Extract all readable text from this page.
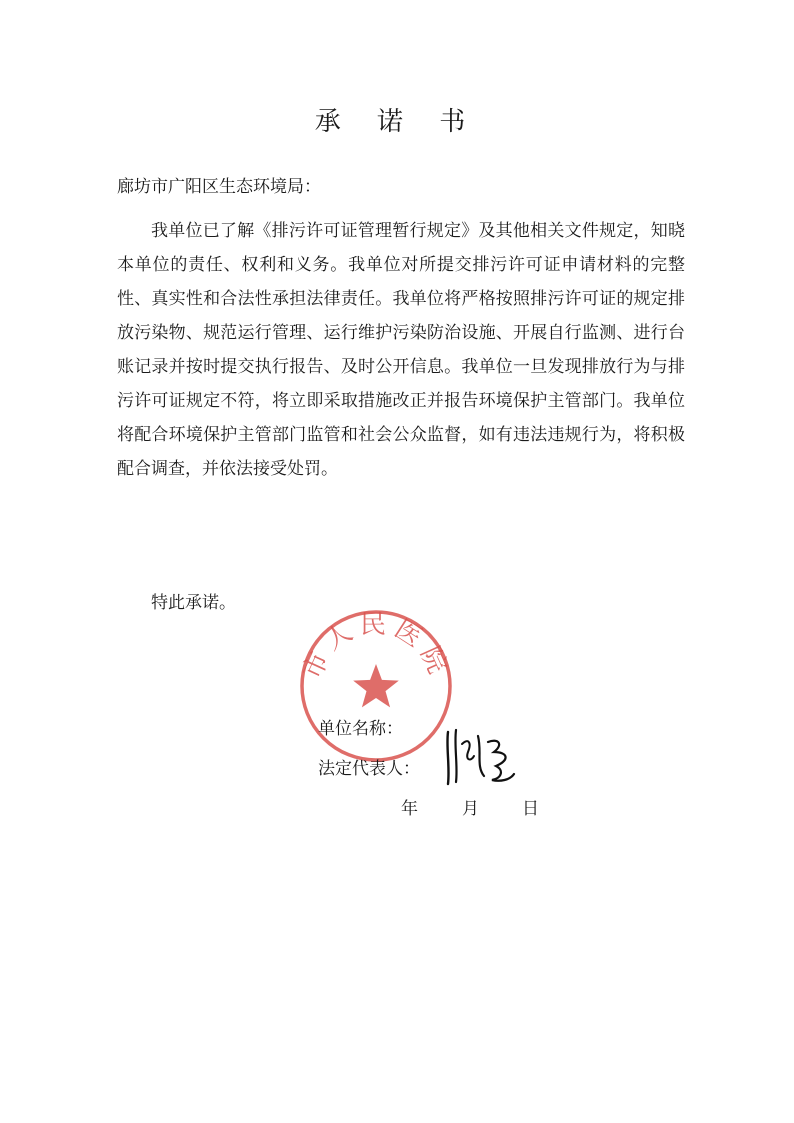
承 诺 书
廊坊市广阳区生态环境局：

我单位已了解《排污许可证管理暂行规定》及其他相关文件规定，知晓本单位的责任、权利和义务。我单位对所提交排污许可证申请材料的完整性、真实性和合法性承担法律责任。我单位将严格按照排污许可证的规定排放污染物、规范运行管理、运行维护污染防治设施、开展自行监测、进行台账记录并按时提交执行报告、及时公开信息。我单位一旦发现排放行为与排污许可证规定不符，将立即采取措施改正并报告环境保护主管部门。我单位将配合环境保护主管部门监管和社会公众监督，如有违法违规行为，将积极配合调查，并依法接受处罚。

特此承诺。
市人民医院
单位名称：
法定代表人：
年	月	日
